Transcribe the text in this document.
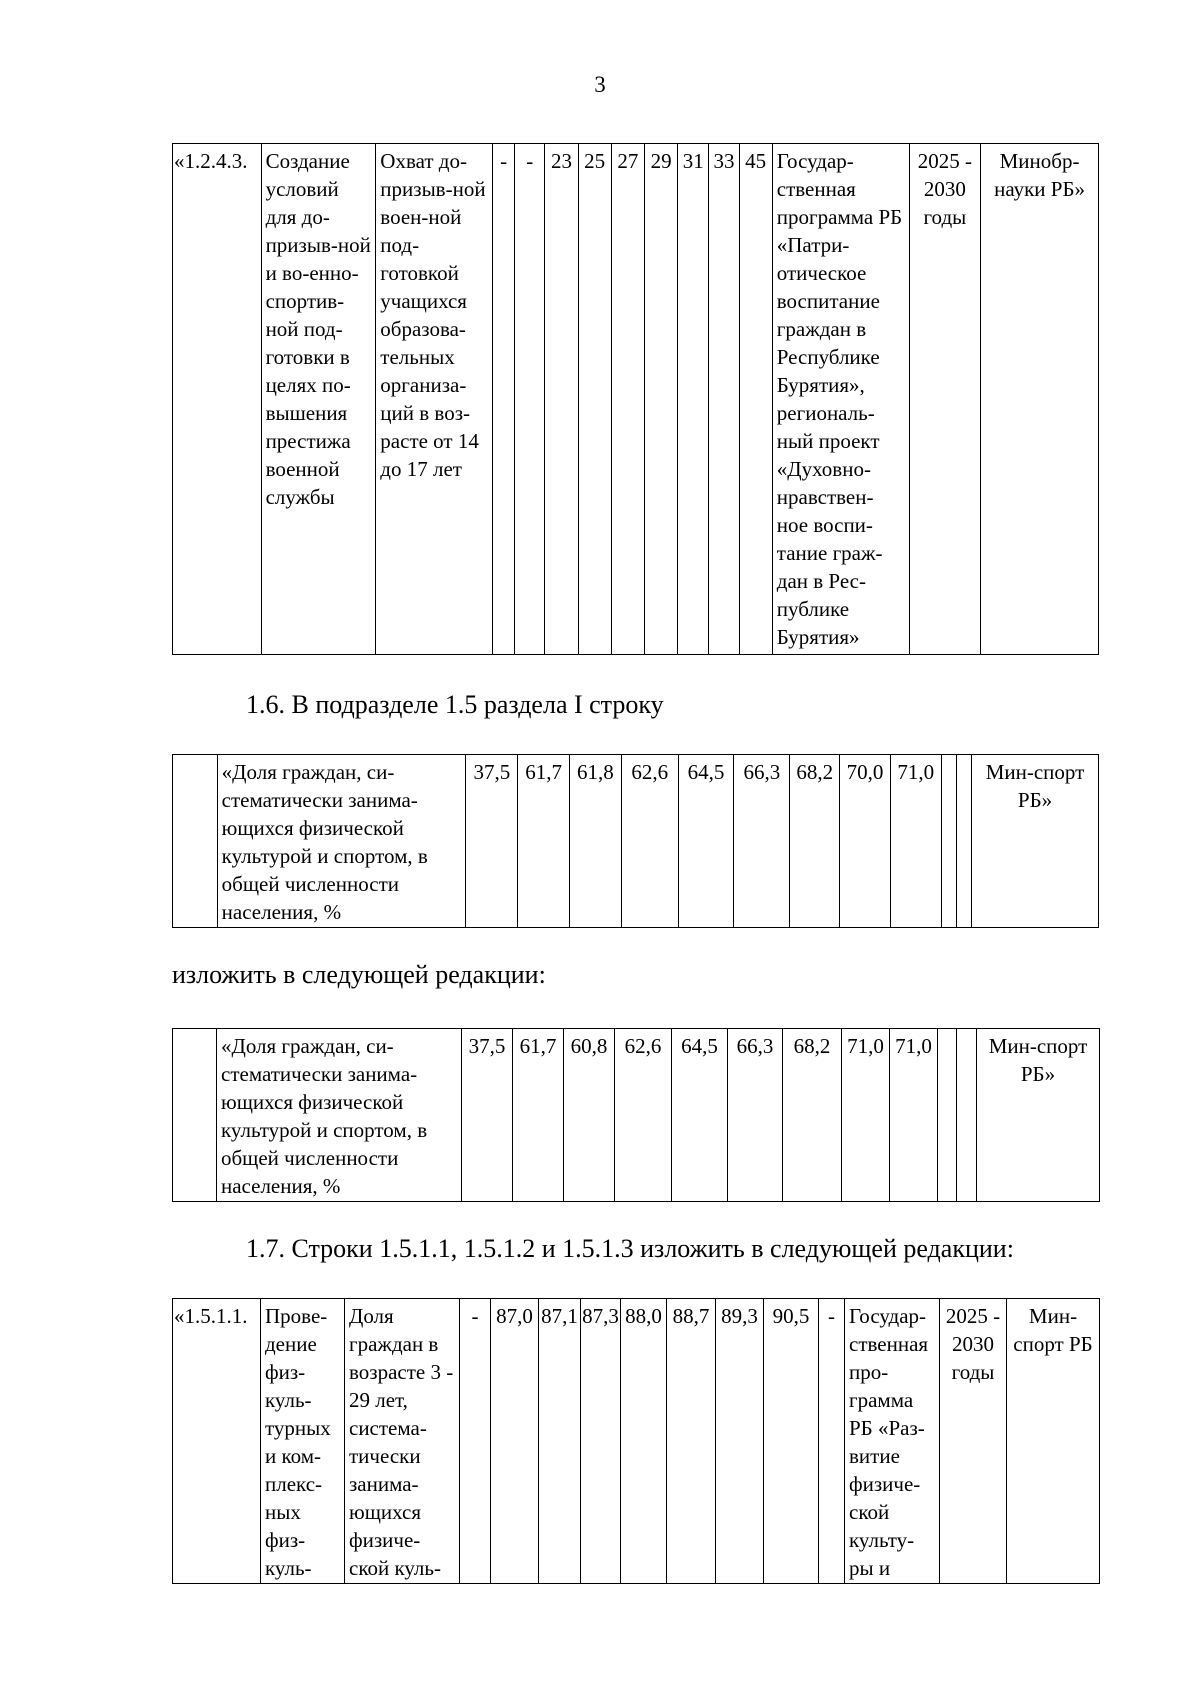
3
«1.2.4.3.	Создание условий для до-призыв-ной и во-енно-спортив-ной под-готовки в целях по-вышения престижа военной службы	Охват до-призыв-ной воен-ной под-готовкой учащихся образова-тельных организа-ций в воз-расте от 14 до 17 лет	-	-	23	25	27	29	31	33	45	Государ-ственная программа РБ «Патри-отическое воспитание граждан в Республике Бурятия», региональ-ный проект «Духовно-нравствен-ное воспи-тание граж-дан в Рес-публике Бурятия»	2025 - 2030 годы	Минобр-науки РБ»
1.6. В подразделе 1.5 раздела I строку
	«Доля граждан, си-стематически занима-ющихся физической культурой и спортом, в общей численности населения, %	37,5	61,7	61,8	62,6	64,5	66,3	68,2	70,0	71,0			Мин-спорт РБ»
изложить в следующей редакции:
	«Доля граждан, си-стематически занима-ющихся физической культурой и спортом, в общей численности населения, %	37,5	61,7	60,8	62,6	64,5	66,3	68,2	71,0	71,0			Мин-спорт РБ»
1.7. Строки 1.5.1.1, 1.5.1.2 и 1.5.1.3 изложить в следующей редакции:
«1.5.1.1.	Прове-дение физ-куль-турных и ком-плекс-ных физ-куль-	Доля граждан в возрасте 3 - 29 лет, система-тически занима-ющихся физиче-ской куль-	-	87,0	87,1	87,3	88,0	88,7	89,3	90,5	-	Государ-ственная про-грамма РБ «Раз-витие физиче-ской культу-ры и	2025 - 2030 годы	Мин-спорт РБ
